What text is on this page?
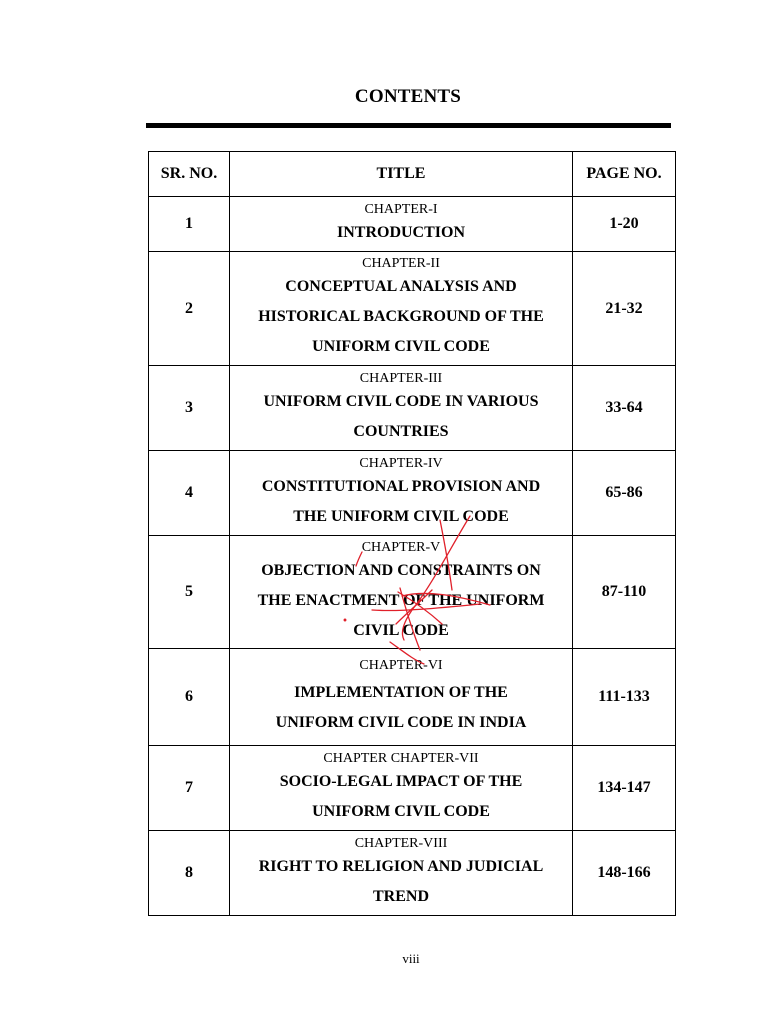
CONTENTS
SR. NO.	TITLE	PAGE NO.
1	CHAPTER-I
INTRODUCTION	1-20
2	CHAPTER-II
CONCEPTUAL ANALYSIS AND
HISTORICAL BACKGROUND OF THE
UNIFORM CIVIL CODE	21-32
3	CHAPTER-III
UNIFORM CIVIL CODE IN VARIOUS
COUNTRIES	33-64
4	CHAPTER-IV
CONSTITUTIONAL PROVISION AND
THE UNIFORM CIVIL CODE	65-86
5	CHAPTER-V
OBJECTION AND CONSTRAINTS ON
THE ENACTMENT OF THE UNIFORM
CIVIL CODE	87-110
6	CHAPTER-VI
IMPLEMENTATION OF THE
UNIFORM CIVIL CODE IN INDIA	111-133
7	CHAPTER CHAPTER-VII
SOCIO-LEGAL IMPACT OF THE
UNIFORM CIVIL CODE	134-147
8	CHAPTER-VIII
RIGHT TO RELIGION AND JUDICIAL
TREND	148-166
viii
